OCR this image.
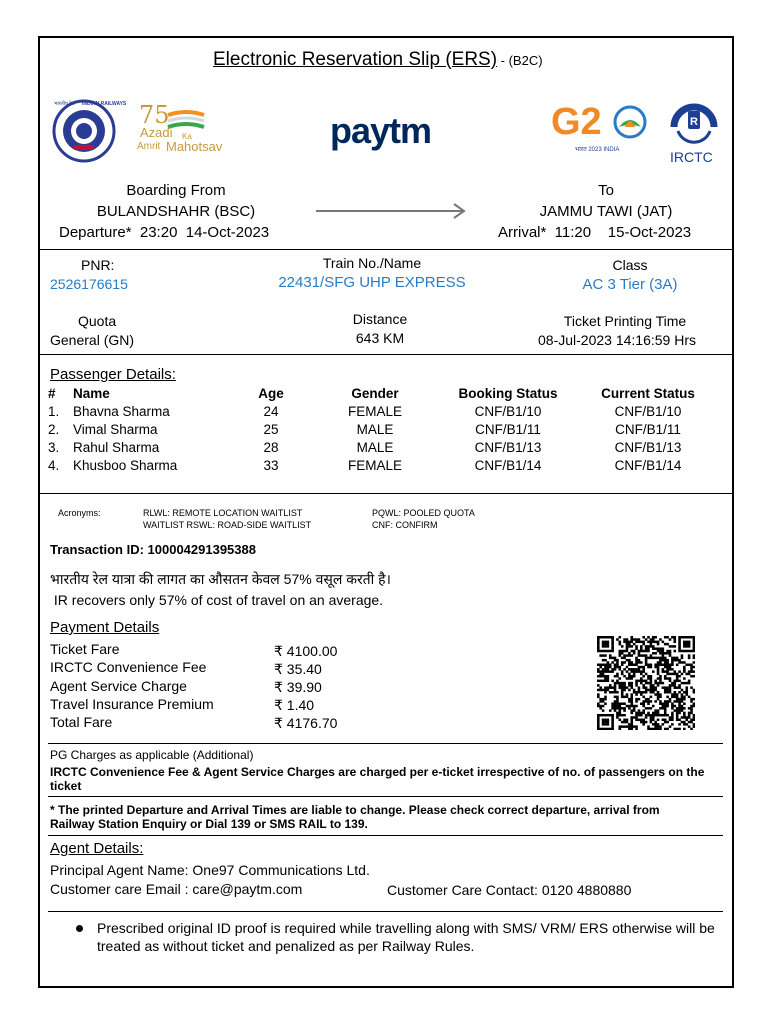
Electronic Reservation Slip (ERS) - (B2C)
INDIAN RAILWAYS
भारतीय रेल	75
Azadi Ka
Amrit Mahotsav	paytm	G2
भारत 2023 INDIA
R
IRCTC
Boarding From
BULANDSHAHR (BSC)
Departure*  23:20  14-Oct-2023
To
JAMMU TAWI (JAT)
Arrival*  11:20    15-Oct-2023
PNR:
2526176615
Train No./Name
22431/SFG UHP EXPRESS
Class
AC 3 Tier (3A)
Quota
General (GN)
Distance
643 KM
Ticket Printing Time
08-Jul-2023 14:16:59 Hrs
Passenger Details:
#	Name	Age	Gender	Booking Status	Current Status
1.	Bhavna Sharma	24	FEMALE	CNF/B1/10	CNF/B1/10
2.	Vimal Sharma	25	MALE	CNF/B1/11	CNF/B1/11
3.	Rahul Sharma	28	MALE	CNF/B1/13	CNF/B1/13
4.	Khusboo Sharma	33	FEMALE	CNF/B1/14	CNF/B1/14
Acronyms:	RLWL: REMOTE LOCATION WAITLIST	PQWL: POOLED QUOTA
WAITLIST RSWL: ROAD-SIDE WAITLIST	CNF: CONFIRM
Transaction ID: 100004291395388
भारतीय रेल यात्रा की लागत का औसतन केवल 57% वसूल करती है।
IR recovers only 57% of cost of travel on an average.
Payment Details
Ticket Fare	₹ 4100.00
IRCTC Convenience Fee	₹ 35.40
Agent Service Charge	₹ 39.90
Travel Insurance Premium	₹ 1.40
Total Fare	₹ 4176.70
PG Charges as applicable (Additional)
IRCTC Convenience Fee & Agent Service Charges are charged per e-ticket irrespective of no. of passengers on the
ticket
* The printed Departure and Arrival Times are liable to change. Please check correct departure, arrival from
Railway Station Enquiry or Dial 139 or SMS RAIL to 139.
Agent Details:
Principal Agent Name: One97 Communications Ltd.
Customer care Email : care@paytm.com	Customer Care Contact: 0120 4880880
Prescribed original ID proof is required while travelling along with SMS/ VRM/ ERS otherwise will be
treated as without ticket and penalized as per Railway Rules.
